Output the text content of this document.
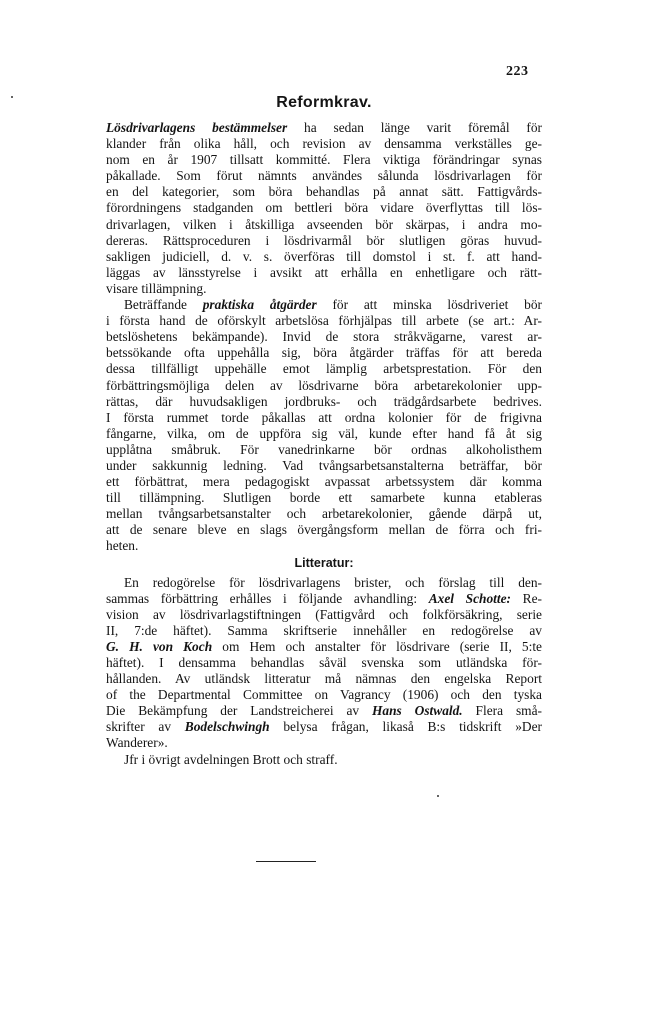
223
Reformkrav.
Lösdrivarlagens bestämmelser ha sedan länge varit föremål för
klander från olika håll, och revision av densamma verkställes ge-
nom en år 1907 tillsatt kommitté. Flera viktiga förändringar synas
påkallade. Som förut nämnts användes sålunda lösdrivarlagen för
en del kategorier, som böra behandlas på annat sätt. Fattigvårds-
förordningens stadganden om bettleri böra vidare överflyttas till lös-
drivarlagen, vilken i åtskilliga avseenden bör skärpas, i andra mo-
dereras. Rättsproceduren i lösdrivarmål bör slutligen göras huvud-
sakligen judiciell, d. v. s. överföras till domstol i st. f. att hand-
läggas av länsstyrelse i avsikt att erhålla en enhetligare och rätt-
visare tillämpning.
Beträffande praktiska åtgärder för att minska lösdriveriet bör
i första hand de oförskylt arbetslösa förhjälpas till arbete (se art.: Ar-
betslöshetens bekämpande). Invid de stora stråkvägarne, varest ar-
betssökande ofta uppehålla sig, böra åtgärder träffas för att bereda
dessa tillfälligt uppehälle emot lämplig arbetsprestation. För den
förbättringsmöjliga delen av lösdrivarne böra arbetarekolonier upp-
rättas, där huvudsakligen jordbruks- och trädgårdsarbete bedrives.
I första rummet torde påkallas att ordna kolonier för de frigivna
fångarne, vilka, om de uppföra sig väl, kunde efter hand få åt sig
upplåtna småbruk. För vanedrinkarne bör ordnas alkoholisthem
under sakkunnig ledning. Vad tvångsarbetsanstalterna beträffar, bör
ett förbättrat, mera pedagogiskt avpassat arbetssystem där komma
till tillämpning. Slutligen borde ett samarbete kunna etableras
mellan tvångsarbetsanstalter och arbetarekolonier, gående därpå ut,
att de senare bleve en slags övergångsform mellan de förra och fri-
heten.
Litteratur:
En redogörelse för lösdrivarlagens brister, och förslag till den-
sammas förbättring erhålles i följande avhandling: Axel Schotte: Re-
vision av lösdrivarlagstiftningen (Fattigvård och folkförsäkring, serie
II, 7:de häftet). Samma skriftserie innehåller en redogörelse av
G. H. von Koch om Hem och anstalter för lösdrivare (serie II, 5:te
häftet). I densamma behandlas såväl svenska som utländska för-
hållanden. Av utländsk litteratur må nämnas den engelska Report
of the Departmental Committee on Vagrancy (1906) och den tyska
Die Bekämpfung der Landstreicherei av Hans Ostwald. Flera små-
skrifter av Bodelschwingh belysa frågan, likaså B:s tidskrift »Der
Wanderer».
Jfr i övrigt avdelningen Brott och straff.
